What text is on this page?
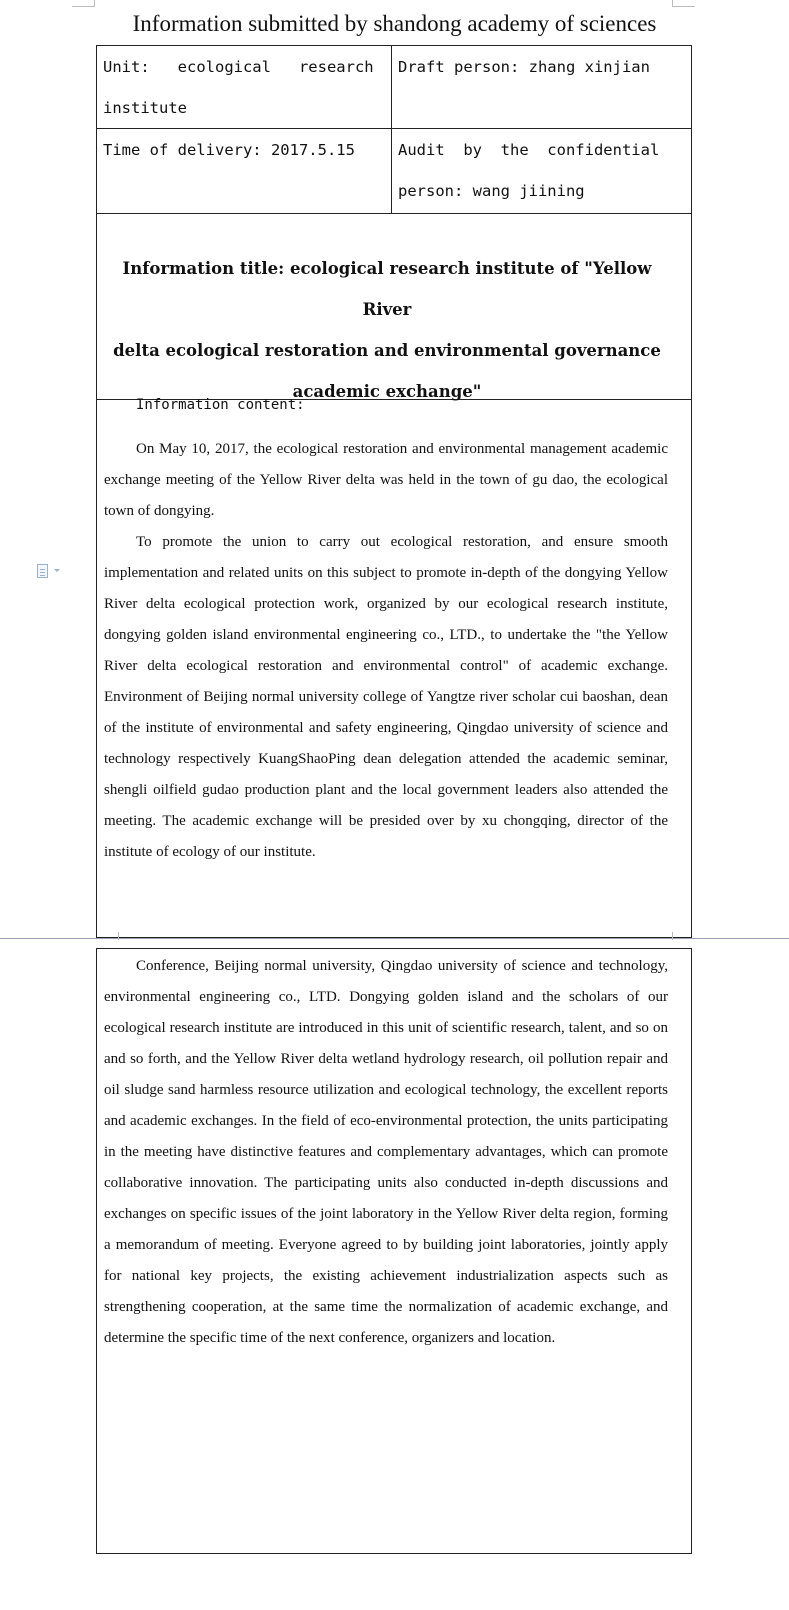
Information submitted by shandong academy of sciences
Unit:   ecological   research
institute
Draft person: zhang xinjian
Time of delivery: 2017.5.15	Audit  by  the  confidential
person: wang jiining
Information title: ecological research institute of "Yellow River
delta ecological restoration and environmental governance
academic exchange"
Information content:
On May 10, 2017, the ecological restoration and environmental management academic exchange meeting of the Yellow River delta was held in the town of gu dao, the ecological town of dongying.
To promote the union to carry out ecological restoration, and ensure smooth implementation and related units on this subject to promote in-depth of the dongying Yellow River delta ecological protection work, organized by our ecological research institute, dongying golden island environmental engineering co., LTD., to undertake the "the Yellow River delta ecological restoration and environmental control" of academic exchange. Environment of Beijing normal university college of Yangtze river scholar cui baoshan, dean of the institute of environmental and safety engineering, Qingdao university of science and technology respectively KuangShaoPing dean delegation attended the academic seminar, shengli oilfield gudao production plant and the local government leaders also attended the meeting. The academic exchange will be presided over by xu chongqing, director of the institute of ecology of our institute.
Conference, Beijing normal university, Qingdao university of science and technology, environmental engineering co., LTD. Dongying golden island and the scholars of our ecological research institute are introduced in this unit of scientific research, talent, and so on and so forth, and the Yellow River delta wetland hydrology research, oil pollution repair and oil sludge sand harmless resource utilization and ecological technology, the excellent reports and academic exchanges. In the field of eco-environmental protection, the units participating in the meeting have distinctive features and complementary advantages, which can promote collaborative innovation. The participating units also conducted in-depth discussions and exchanges on specific issues of the joint laboratory in the Yellow River delta region, forming a memorandum of meeting. Everyone agreed to by building joint laboratories, jointly apply for national key projects, the existing achievement industrialization aspects such as strengthening cooperation, at the same time the normalization of academic exchange, and determine the specific time of the next conference, organizers and location.
